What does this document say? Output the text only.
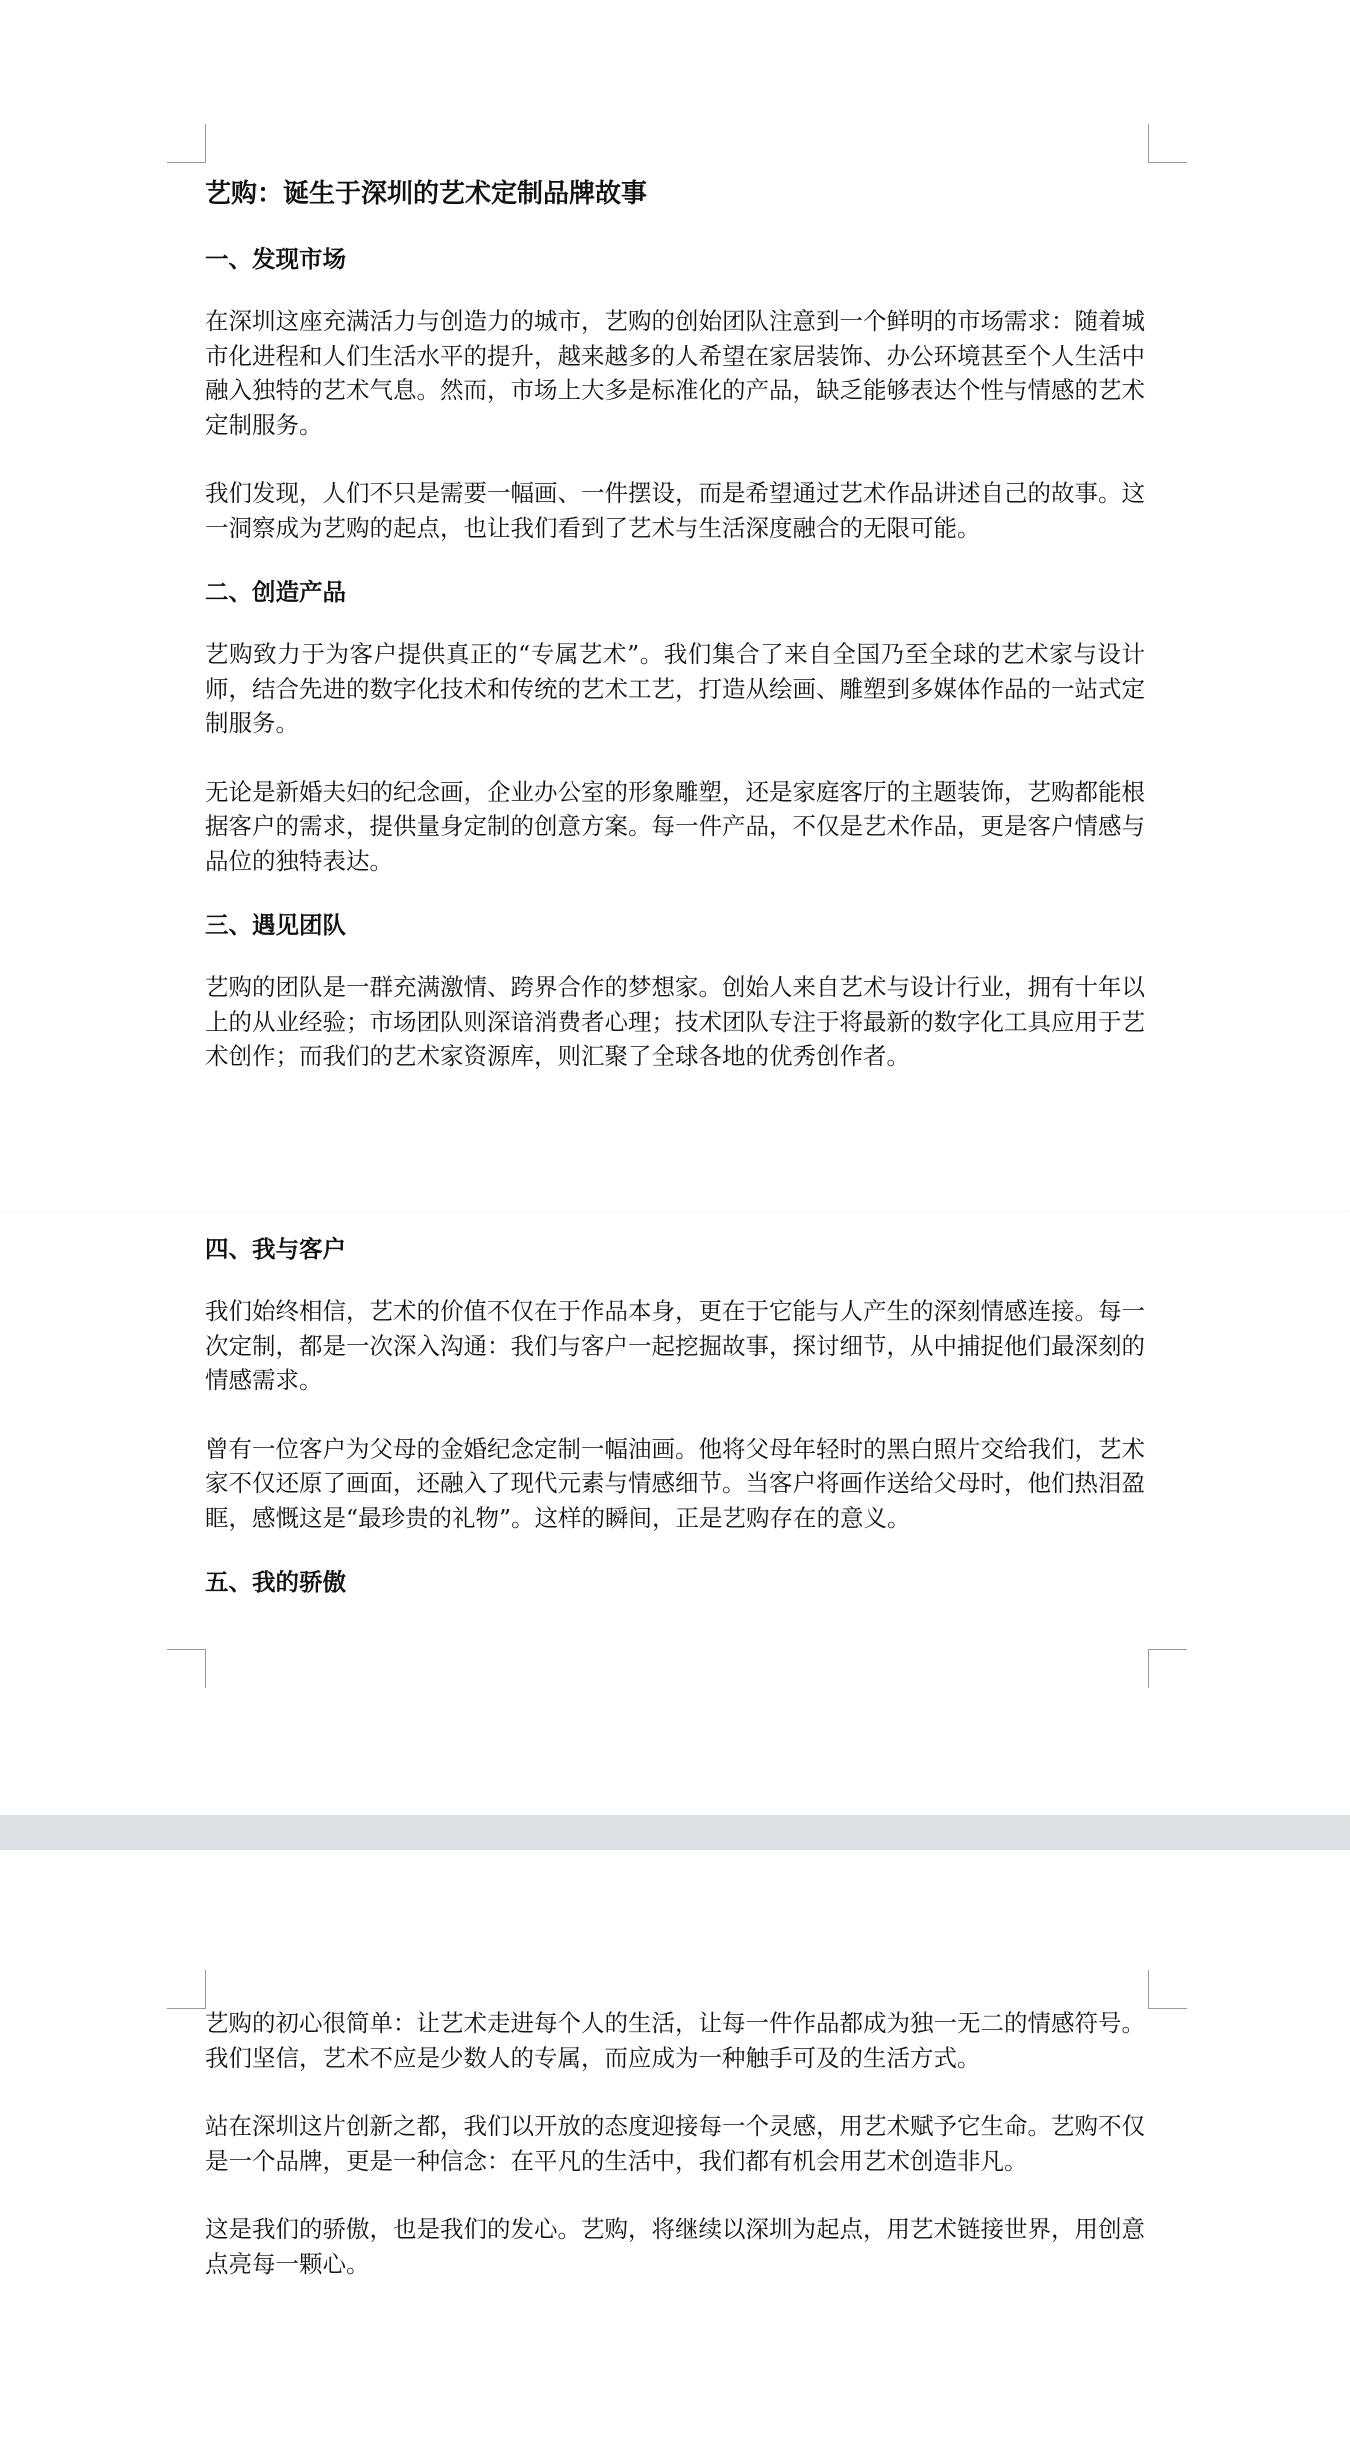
艺购：诞生于深圳的艺术定制品牌故事

一、发现市场

在深圳这座充满活力与创造力的城市，艺购的创始团队注意到一个鲜明的市场需求：随着城市化进程和人们生活水平的提升，越来越多的人希望在家居装饰、办公环境甚至个人生活中融入独特的艺术气息。然而，市场上大多是标准化的产品，缺乏能够表达个性与情感的艺术定制服务。

我们发现，人们不只是需要一幅画、一件摆设，而是希望通过艺术作品讲述自己的故事。这一洞察成为艺购的起点，也让我们看到了艺术与生活深度融合的无限可能。

二、创造产品

艺购致力于为客户提供真正的“专属艺术”。我们集合了来自全国乃至全球的艺术家与设计师，结合先进的数字化技术和传统的艺术工艺，打造从绘画、雕塑到多媒体作品的一站式定制服务。

无论是新婚夫妇的纪念画，企业办公室的形象雕塑，还是家庭客厅的主题装饰，艺购都能根据客户的需求，提供量身定制的创意方案。每一件产品，不仅是艺术作品，更是客户情感与品位的独特表达。

三、遇见团队

艺购的团队是一群充满激情、跨界合作的梦想家。创始人来自艺术与设计行业，拥有十年以上的从业经验；市场团队则深谙消费者心理；技术团队专注于将最新的数字化工具应用于艺术创作；而我们的艺术家资源库，则汇聚了全球各地的优秀创作者。

四、我与客户

我们始终相信，艺术的价值不仅在于作品本身，更在于它能与人产生的深刻情感连接。每一次定制，都是一次深入沟通：我们与客户一起挖掘故事，探讨细节，从中捕捉他们最深刻的情感需求。

曾有一位客户为父母的金婚纪念定制一幅油画。他将父母年轻时的黑白照片交给我们，艺术家不仅还原了画面，还融入了现代元素与情感细节。当客户将画作送给父母时，他们热泪盈眶，感慨这是“最珍贵的礼物”。这样的瞬间，正是艺购存在的意义。

五、我的骄傲

艺购的初心很简单：让艺术走进每个人的生活，让每一件作品都成为独一无二的情感符号。我们坚信，艺术不应是少数人的专属，而应成为一种触手可及的生活方式。

站在深圳这片创新之都，我们以开放的态度迎接每一个灵感，用艺术赋予它生命。艺购不仅是一个品牌，更是一种信念：在平凡的生活中，我们都有机会用艺术创造非凡。

这是我们的骄傲，也是我们的发心。艺购，将继续以深圳为起点，用艺术链接世界，用创意点亮每一颗心。
